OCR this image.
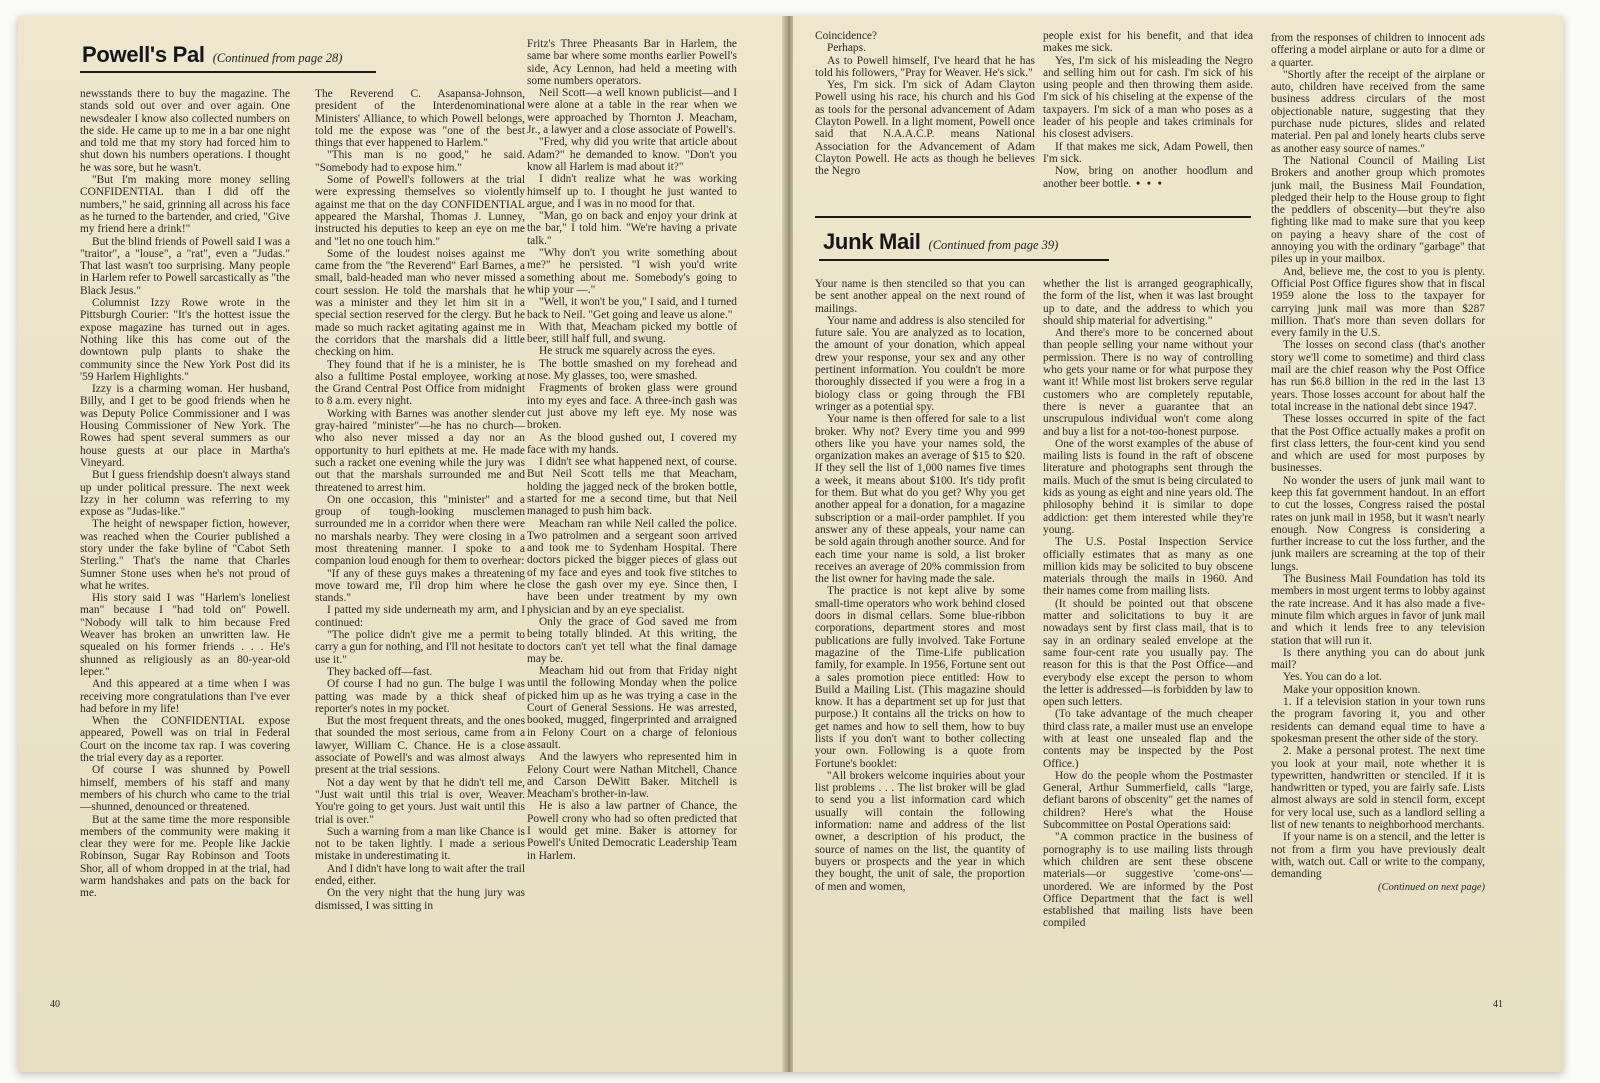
Powell's Pal (Continued from page 28)

newsstands there to buy the magazine. The stands sold out over and over again. One newsdealer I know also collected numbers on the side. He came up to me in a bar one night and told me that my story had forced him to shut down his numbers operations. I thought he was sore, but he wasn't.

"But I'm making more money selling CONFIDENTIAL than I did off the numbers," he said, grinning all across his face as he turned to the bartender, and cried, "Give my friend here a drink!"

But the blind friends of Powell said I was a "traitor", a "louse", a "rat", even a "Judas." That last wasn't too surprising. Many people in Harlem refer to Powell sarcastically as "the Black Jesus."

Columnist Izzy Rowe wrote in the Pittsburgh Courier: "It's the hottest issue the expose magazine has turned out in ages. Nothing like this has come out of the downtown pulp plants to shake the community since the New York Post did its '59 Harlem Highlights."

Izzy is a charming woman. Her husband, Billy, and I get to be good friends when he was Deputy Police Commissioner and I was Housing Commissioner of New York. The Rowes had spent several summers as our house guests at our place in Martha's Vineyard.

But I guess friendship doesn't always stand up under political pressure. The next week Izzy in her column was referring to my expose as "Judas-like."

The height of newspaper fiction, however, was reached when the Courier published a story under the fake byline of "Cabot Seth Sterling." That's the name that Charles Sumner Stone uses when he's not proud of what he writes.

His story said I was "Harlem's loneliest man" because I "had told on" Powell. "Nobody will talk to him because Fred Weaver has broken an unwritten law. He squealed on his former friends . . . He's shunned as religiously as an 80-year-old leper."

And this appeared at a time when I was receiving more congratulations than I've ever had before in my life!

When the CONFIDENTIAL expose appeared, Powell was on trial in Federal Court on the income tax rap. I was covering the trial every day as a reporter.

Of course I was shunned by Powell himself, members of his staff and many members of his church who came to the trial—shunned, denounced or threatened.

But at the same time the more responsible members of the community were making it clear they were for me. People like Jackie Robinson, Sugar Ray Robinson and Toots Shor, all of whom dropped in at the trial, had warm handshakes and pats on the back for me.

The Reverend C. Asapansa-Johnson, president of the Interdenominational Ministers' Alliance, to which Powell belongs, told me the expose was "one of the best things that ever happened to Harlem."

"This man is no good," he said. "Somebody had to expose him."

Some of Powell's followers at the trial were expressing themselves so violently against me that on the day CONFIDENTIAL appeared the Marshal, Thomas J. Lunney, instructed his deputies to keep an eye on me and "let no one touch him."

Some of the loudest noises against me came from the "the Reverend" Earl Barnes, a small, bald-headed man who never missed a court session. He told the marshals that he was a minister and they let him sit in a special section reserved for the clergy. But he made so much racket agitating against me in the corridors that the marshals did a little checking on him.

They found that if he is a minister, he is also a fulltime Postal employee, working at the Grand Central Post Office from midnight to 8 a.m. every night.

Working with Barnes was another slender gray-haired "minister"—he has no church—who also never missed a day nor an opportunity to hurl epithets at me. He made such a racket one evening while the jury was out that the marshals surrounded me and threatened to arrest him.

On one occasion, this "minister" and a group of tough-looking musclemen surrounded me in a corridor when there were no marshals nearby. They were closing in a most threatening manner. I spoke to a companion loud enough for them to overhear:

"If any of these guys makes a threatening move toward me, I'll drop him where he stands."

I patted my side underneath my arm, and I continued:

"The police didn't give me a permit to carry a gun for nothing, and I'll not hesitate to use it."

They backed off—fast.

Of course I had no gun. The bulge I was patting was made by a thick sheaf of reporter's notes in my pocket.

But the most frequent threats, and the ones that sounded the most serious, came from a lawyer, William C. Chance. He is a close associate of Powell's and was almost always present at the trial sessions.

Not a day went by that he didn't tell me, "Just wait until this trial is over, Weaver. You're going to get yours. Just wait until this trial is over."

Such a warning from a man like Chance is not to be taken lightly. I made a serious mistake in underestimating it.

And I didn't have long to wait after the trail ended, either.

On the very night that the hung jury was dismissed, I was sitting in

Fritz's Three Pheasants Bar in Harlem, the same bar where some months earlier Powell's side, Acy Lennon, had held a meeting with some numbers operators.

Neil Scott—a well known publicist—and I were alone at a table in the rear when we were approached by Thornton J. Meacham, Jr., a lawyer and a close associate of Powell's.

"Fred, why did you write that article about Adam?" he demanded to know. "Don't you know all Harlem is mad about it?"

I didn't realize what he was working himself up to. I thought he just wanted to argue, and I was in no mood for that.

"Man, go on back and enjoy your drink at the bar," I told him. "We're having a private talk."

"Why don't you write something about me?" he persisted. "I wish you'd write something about me. Somebody's going to whip your —."

"Well, it won't be you," I said, and I turned back to Neil. "Get going and leave us alone."

With that, Meacham picked my bottle of beer, still half full, and swung.

He struck me squarely across the eyes.

The bottle smashed on my forehead and nose. My glasses, too, were smashed.

Fragments of broken glass were ground into my eyes and face. A three-inch gash was cut just above my left eye. My nose was broken.

As the blood gushed out, I covered my face with my hands.

I didn't see what happened next, of course. But Neil Scott tells me that Meacham, holding the jagged neck of the broken bottle, started for me a second time, but that Neil managed to push him back.

Meacham ran while Neil called the police. Two patrolmen and a sergeant soon arrived and took me to Sydenham Hospital. There doctors picked the bigger pieces of glass out of my face and eyes and took five stitches to close the gash over my eye. Since then, I have been under treatment by my own physician and by an eye specialist.

Only the grace of God saved me from being totally blinded. At this writing, the doctors can't yet tell what the final damage may be.

Meacham hid out from that Friday night until the following Monday when the police picked him up as he was trying a case in the Court of General Sessions. He was arrested, booked, mugged, fingerprinted and arraigned in Felony Court on a charge of felonious assault.

And the lawyers who represented him in Felony Court were Nathan Mitchell, Chance and Carson DeWitt Baker. Mitchell is Meacham's brother-in-law.

He is also a law partner of Chance, the Powell crony who had so often predicted that I would get mine. Baker is attorney for Powell's United Democratic Leadership Team in Harlem.

40

Coincidence?

Perhaps.

As to Powell himself, I've heard that he has told his followers, "Pray for Weaver. He's sick."

Yes, I'm sick. I'm sick of Adam Clayton Powell using his race, his church and his God as tools for the personal advancement of Adam Clayton Powell. In a light moment, Powell once said that N.A.A.C.P. means National Association for the Advancement of Adam Clayton Powell. He acts as though he believes the Negro

people exist for his benefit, and that idea makes me sick.

Yes, I'm sick of his misleading the Negro and selling him out for cash. I'm sick of his using people and then throwing them aside. I'm sick of his chiseling at the expense of the taxpayers. I'm sick of a man who poses as a leader of his people and takes criminals for his closest advisers.

If that makes me sick, Adam Powell, then I'm sick.

Now, bring on another hoodlum and another beer bottle. • • •

Junk Mail (Continued from page 39)

Your name is then stenciled so that you can be sent another appeal on the next round of mailings.

Your name and address is also stenciled for future sale. You are analyzed as to location, the amount of your donation, which appeal drew your response, your sex and any other pertinent information. You couldn't be more thoroughly dissected if you were a frog in a biology class or going through the FBI wringer as a potential spy.

Your name is then offered for sale to a list broker. Why not? Every time you and 999 others like you have your names sold, the organization makes an average of $15 to $20. If they sell the list of 1,000 names five times a week, it means about $100. It's tidy profit for them. But what do you get? Why you get another appeal for a donation, for a magazine subscription or a mail-order pamphlet. If you answer any of these appeals, your name can be sold again through another source. And for each time your name is sold, a list broker receives an average of 20% commission from the list owner for having made the sale.

The practice is not kept alive by some small-time operators who work behind closed doors in dismal cellars. Some blue-ribbon corporations, department stores and most publications are fully involved. Take Fortune magazine of the Time-Life publication family, for example. In 1956, Fortune sent out a sales promotion piece entitled: How to Build a Mailing List. (This magazine should know. It has a department set up for just that purpose.) It contains all the tricks on how to get names and how to sell them, how to buy lists if you don't want to bother collecting your own. Following is a quote from Fortune's booklet:

"All brokers welcome inquiries about your list problems . . . The list broker will be glad to send you a list information card which usually will contain the following information: name and address of the list owner, a description of his product, the source of names on the list, the quantity of buyers or prospects and the year in which they bought, the unit of sale, the proportion of men and women,

whether the list is arranged geographically, the form of the list, when it was last brought up to date, and the address to which you should ship material for advertising."

And there's more to be concerned about than people selling your name without your permission. There is no way of controlling who gets your name or for what purpose they want it! While most list brokers serve regular customers who are completely reputable, there is never a guarantee that an unscrupulous individual won't come along and buy a list for a not-too-honest purpose.

One of the worst examples of the abuse of mailing lists is found in the raft of obscene literature and photographs sent through the mails. Much of the smut is being circulated to kids as young as eight and nine years old. The philosophy behind it is similar to dope addiction: get them interested while they're young.

The U.S. Postal Inspection Service officially estimates that as many as one million kids may be solicited to buy obscene materials through the mails in 1960. And their names come from mailing lists.

(It should be pointed out that obscene matter and solicitations to buy it are nowadays sent by first class mail, that is to say in an ordinary sealed envelope at the same four-cent rate you usually pay. The reason for this is that the Post Office—and everybody else except the person to whom the letter is addressed—is forbidden by law to open such letters.

(To take advantage of the much cheaper third class rate, a mailer must use an envelope with at least one unsealed flap and the contents may be inspected by the Post Office.)

How do the people whom the Postmaster General, Arthur Summerfield, calls "large, defiant barons of obscenity" get the names of children? Here's what the House Subcommittee on Postal Operations said:

"A common practice in the business of pornography is to use mailing lists through which children are sent these obscene materials—or suggestive 'come-ons'—unordered. We are informed by the Post Office Department that the fact is well established that mailing lists have been compiled

from the responses of children to innocent ads offering a model airplane or auto for a dime or a quarter.

"Shortly after the receipt of the airplane or auto, children have received from the same business address circulars of the most objectionable nature, suggesting that they purchase nude pictures, slides and related material. Pen pal and lonely hearts clubs serve as another easy source of names."

The National Council of Mailing List Brokers and another group which promotes junk mail, the Business Mail Foundation, pledged their help to the House group to fight the peddlers of obscenity—but they're also fighting like mad to make sure that you keep on paying a heavy share of the cost of annoying you with the ordinary "garbage" that piles up in your mailbox.

And, believe me, the cost to you is plenty. Official Post Office figures show that in fiscal 1959 alone the loss to the taxpayer for carrying junk mail was more than $287 million. That's more than seven dollars for every family in the U.S.

The losses on second class (that's another story we'll come to sometime) and third class mail are the chief reason why the Post Office has run $6.8 billion in the red in the last 13 years. Those losses account for about half the total increase in the national debt since 1947.

These losses occurred in spite of the fact that the Post Office actually makes a profit on first class letters, the four-cent kind you send and which are used for most purposes by businesses.

No wonder the users of junk mail want to keep this fat government handout. In an effort to cut the losses, Congress raised the postal rates on junk mail in 1958, but it wasn't nearly enough. Now Congress is considering a further increase to cut the loss further, and the junk mailers are screaming at the top of their lungs.

The Business Mail Foundation has told its members in most urgent terms to lobby against the rate increase. And it has also made a five-minute film which argues in favor of junk mail and which it lends free to any television station that will run it.

Is there anything you can do about junk mail?

Yes. You can do a lot.

Make your opposition known.

1. If a television station in your town runs the program favoring it, you and other residents can demand equal time to have a spokesman present the other side of the story.

2. Make a personal protest. The next time you look at your mail, note whether it is typewritten, handwritten or stenciled. If it is handwritten or typed, you are fairly safe. Lists almost always are sold in stencil form, except for very local use, such as a landlord selling a list of new tenants to neighborhood merchants.

If your name is on a stencil, and the letter is not from a firm you have previously dealt with, watch out. Call or write to the company, demanding

(Continued on next page)
41
